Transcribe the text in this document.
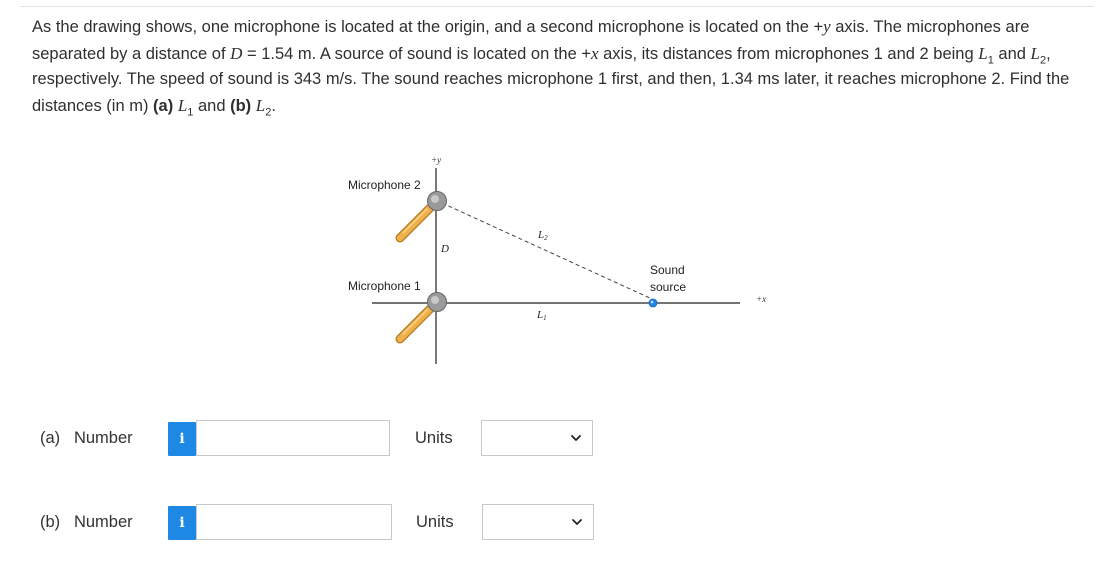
As the drawing shows, one microphone is located at the origin, and a second microphone is located on the +y axis. The microphones are separated by a distance of D = 1.54 m. A source of sound is located on the +x axis, its distances from microphones 1 and 2 being $L_1$ and $L_2$, respectively. The speed of sound is 343 m/s. The sound reaches microphone 1 first, and then, 1.34 ms later, it reaches microphone 2. Find the distances (in m) (a) $L_1$ and (b) $L_2$.
+y
+x
Microphone 2
Microphone 1
D
L2
L1
Sound
source
(a) Number	i	Units
(b) Number	i	Units
